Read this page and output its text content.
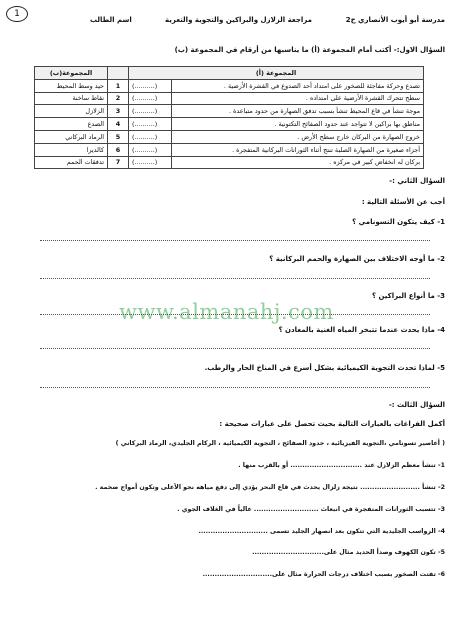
1
مدرسة أبو أيوب الأنصاري ح2
مراجعة الزلازل والبراكين والتجوية والتعرية
اسم الطالب
السؤال الاول:- أكتب أمام المجموعة (أ) ما يناسبها من أرقام في المجموعة (ب)
المجموعة (أ)			المجموعة(ب)
تصدع وحركة مفاجئة للصخور على امتداد أحد الصدوع في القشرة الأرضية .	(..........)	1	حيد وسط المحيط
سطح تتحرك القشرة الأرضية على امتداده .	(..........)	2	نقاط ساخنة
موجة تنشأ في قاع المحيط تنشأ بسبب تدفق الصهارة من حدود متباعدة .	(..........)	3	الزلازل
مناطق بها براكين لا تتواجد عند حدود الصفائح التكتونية .	(..........)	4	الصدع
خروج الصهارة من البركان خارج سطح الأرض .	(..........)	5	الرماد البركاني
أجزاء صغيرة من الصهارة الصلبة تنتج أثناء الثورانات البركانية المتفجرة .	(..........)	6	كالديرا
بركان له انخفاض كبير في مركزه .	(..........)	7	تدفقات الحمم
السؤال الثاني :-
أجب عن الأسئلة التالية :
1- كيف يتكون التسونامي ؟
2- ما أوجه الاختلاف بين الصهارة والحمم البركانية ؟
3- ما أنواع البراكين ؟
www.almanahj.com
4- ماذا يحدث عندما تتبخر المياه الغنية بالمعادن ؟
5- لماذا تحدث التجوية الكيميائية بشكل أسرع في المناخ الحار والرطب.
السؤال الثالث :-
أكمل الفراغات بالعبارات التالية بحيث تحصل على عبارات صحيحة :
( أعاصير تسونامي ،التجوية الفيزيائية ، حدود الصفائح ، التجوية الكيميائية ، الركام الجليدي، الرماد البركاني )
1- تنشأ معظم الزلازل عند .............................. أو بالقرب منها .
2- تنشأ ......................... نتيجة زلزال يحدث في قاع البحر يؤدي إلى دفع مياهه نحو الأعلى وتكون أمواج ضخمة .
3- تتسبب الثورانات المتفجرة في انبعاث ........................... عالياً في الغلاف الجوي .
4- الرواسب الجليدية التي تتكون بعد انصهار الجليد تسمى .............................
5- تكون الكهوف وصدأ الحديد مثال على..............................
6- تفتت الصخور بسبب اختلاف درجات الحرارة مثال على.............................
